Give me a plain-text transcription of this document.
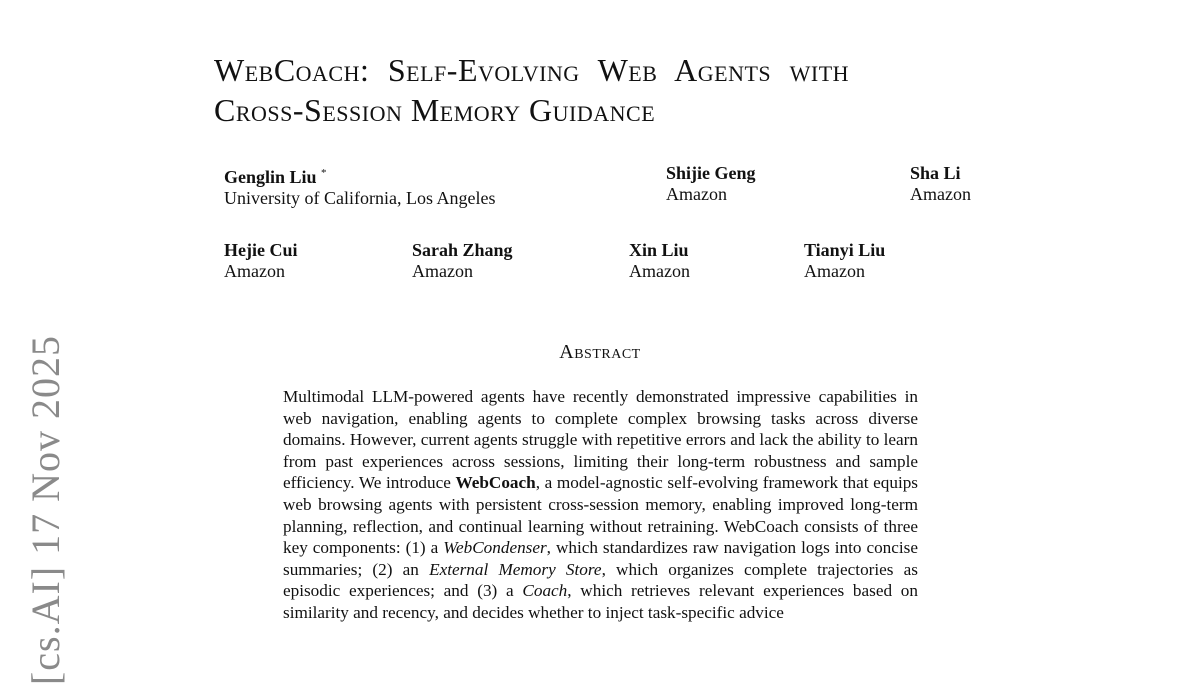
[cs.AI] 17 Nov 2025
WebCoach: Self-Evolving Web Agents with
Cross-Session Memory Guidance
Genglin Liu *
University of California, Los Angeles
Shijie Geng
Amazon
Sha Li
Amazon
Hejie Cui
Amazon
Sarah Zhang
Amazon
Xin Liu
Amazon
Tianyi Liu
Amazon
Abstract

Multimodal LLM-powered agents have recently demonstrated impressive capabilities in web navigation, enabling agents to complete complex browsing tasks across diverse domains. However, current agents struggle with repetitive errors and lack the ability to learn from past experiences across sessions, limiting their long-term robustness and sample efficiency. We introduce WebCoach, a model-agnostic self-evolving framework that equips web browsing agents with persistent cross-session memory, enabling improved long-term planning, reflection, and continual learning without retraining. WebCoach consists of three key components: (1) a WebCondenser, which standardizes raw navigation logs into concise summaries; (2) an External Memory Store, which organizes complete trajectories as episodic experiences; and (3) a Coach, which retrieves relevant experiences based on similarity and recency, and decides whether to inject task-specific advice
